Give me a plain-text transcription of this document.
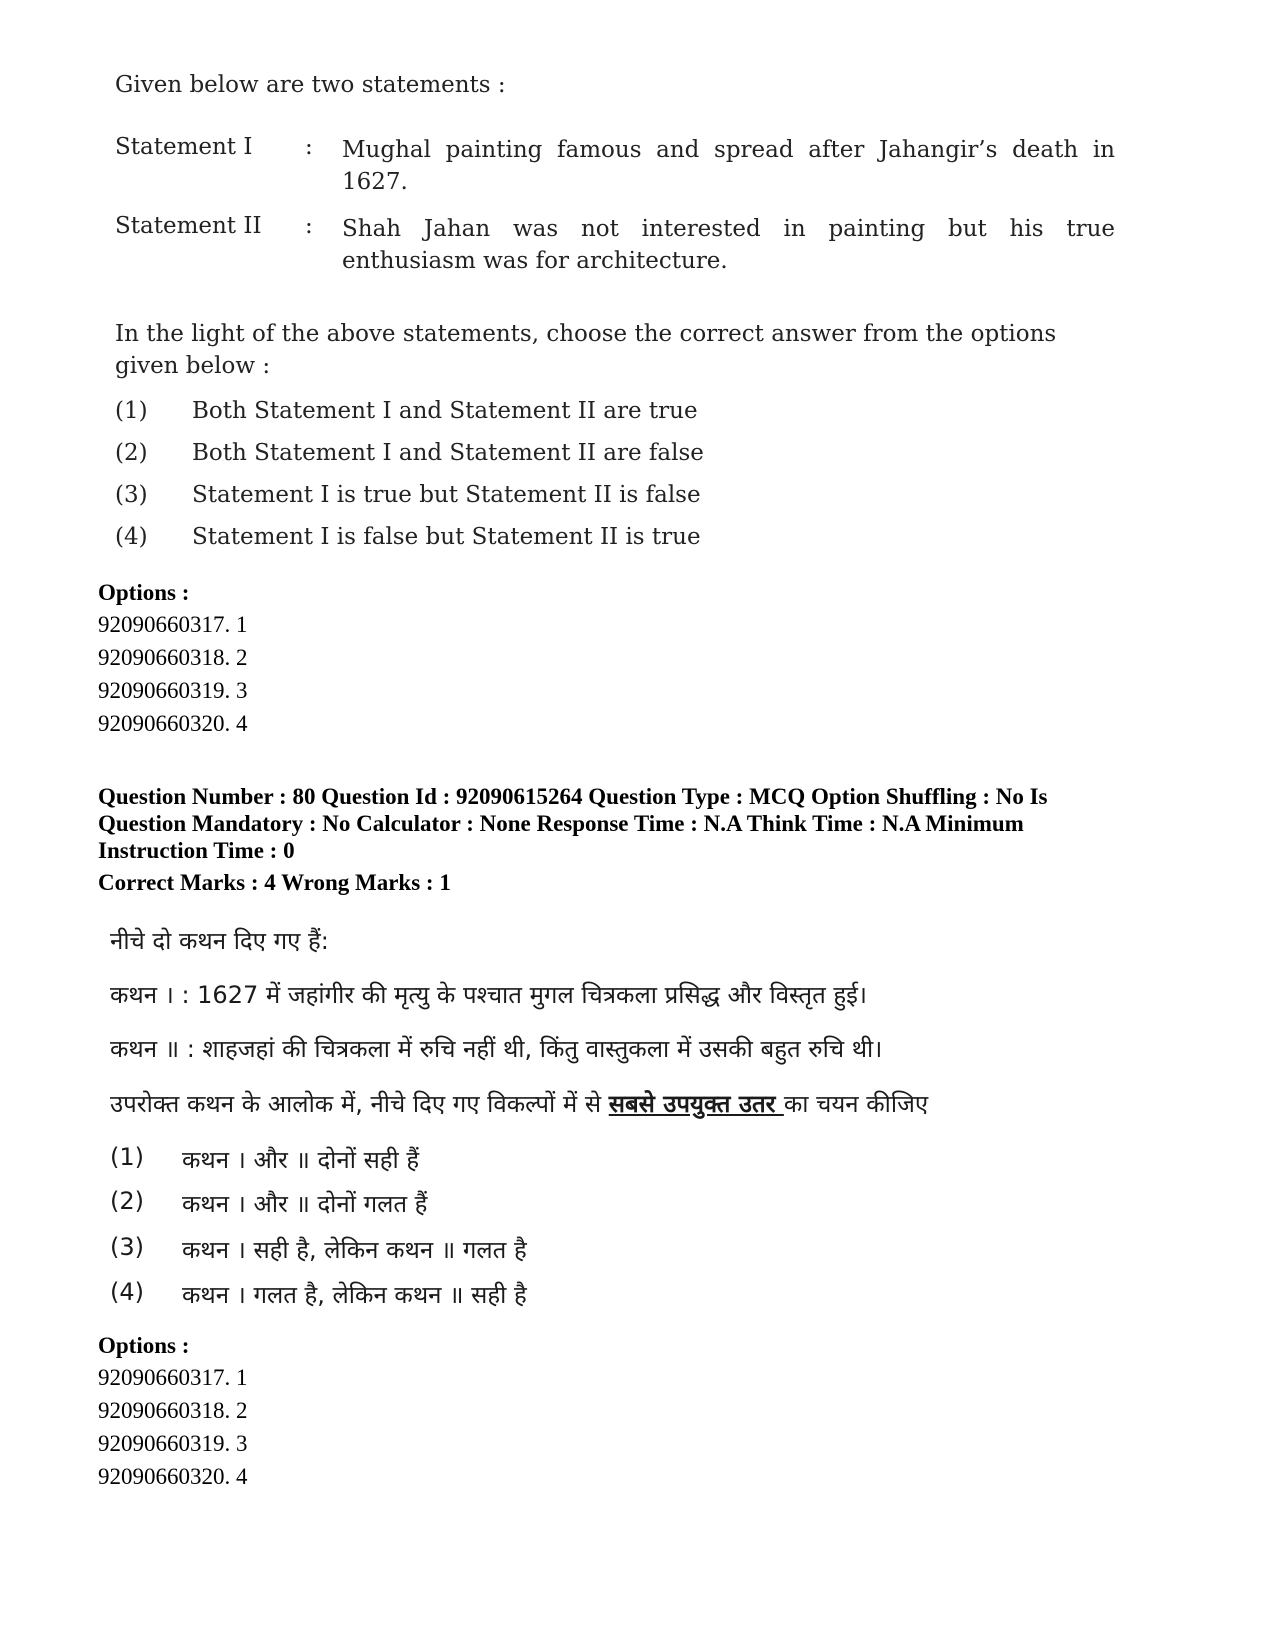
Given below are two statements :
Statement I : Mughal painting famous and spread after Jahangir’s death in 1627.
Statement II : Shah Jahan was not interested in painting but his true enthusiasm was for architecture.
In the light of the above statements, choose the correct answer from the options given below :
(1) Both Statement I and Statement II are true
(2) Both Statement I and Statement II are false
(3) Statement I is true but Statement II is false
(4) Statement I is false but Statement II is true
Options :
92090660317. 1
92090660318. 2
92090660319. 3
92090660320. 4
Question Number : 80 Question Id : 92090615264 Question Type : MCQ Option Shuffling : No Is
Question Mandatory : No Calculator : None Response Time : N.A Think Time : N.A Minimum
Instruction Time : 0
Correct Marks : 4 Wrong Marks : 1
नीचे दो कथन दिए गए हैं:
कथन । : 1627 में जहांगीर की मृत्यु के पश्चात मुगल चित्रकला प्रसिद्ध और विस्तृत हुई।
कथन ॥ : शाहजहां की चित्रकला में रुचि नहीं थी, किंतु वास्तुकला में उसकी बहुत रुचि थी।
उपरोक्त कथन के आलोक में, नीचे दिए गए विकल्पों में से सबसे उपयुक्त उतर का चयन कीजिए
(1) कथन । और ॥ दोनों सही हैं
(2) कथन । और ॥ दोनों गलत हैं
(3) कथन । सही है, लेकिन कथन ॥ गलत है
(4) कथन । गलत है, लेकिन कथन ॥ सही है
Options :
92090660317. 1
92090660318. 2
92090660319. 3
92090660320. 4
